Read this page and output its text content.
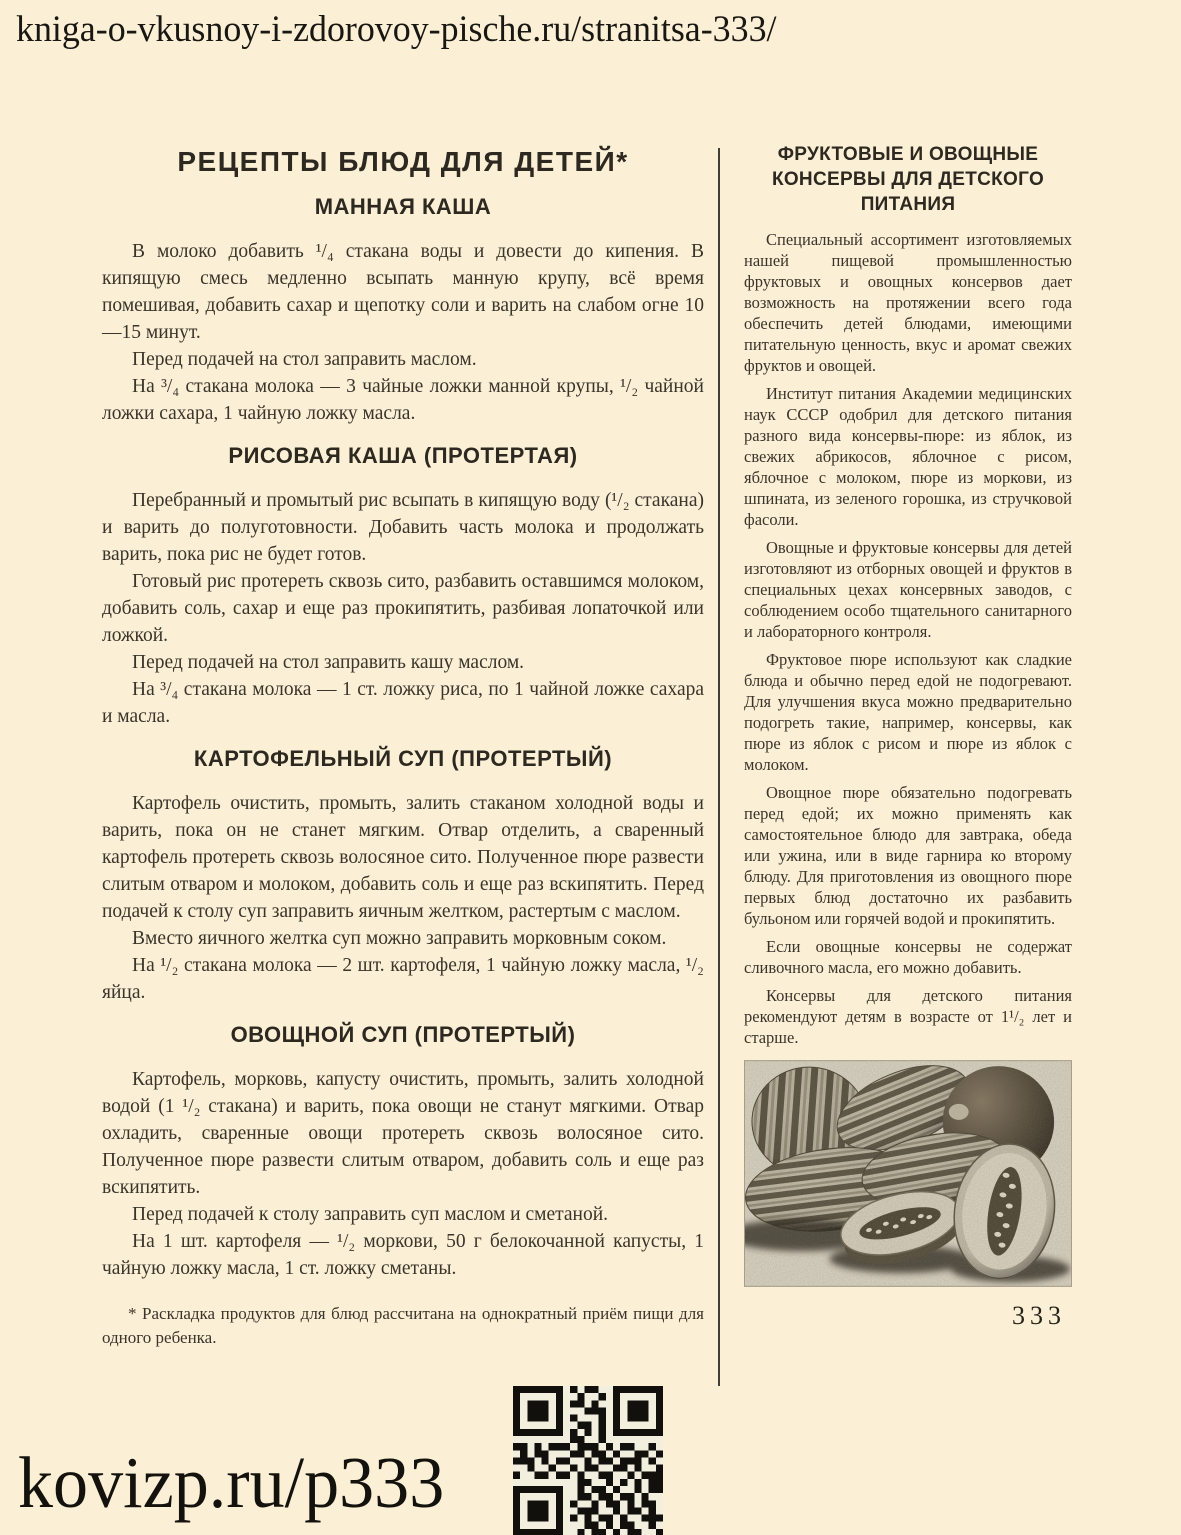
kniga-o-vkusnoy-i-zdorovoy-pische.ru/stranitsa-333/
РЕЦЕПТЫ БЛЮД ДЛЯ ДЕТЕЙ*
МАННАЯ КАША

В молоко добавить ¹/₄ стакана воды и довести до кипения. В кипящую смесь медленно всыпать манную крупу, всё время помешивая, добавить сахар и щепотку соли и варить на слабом огне 10—15 минут.

Перед подачей на стол заправить маслом.

На ³/₄ стакана молока — 3 чайные ложки манной крупы, ¹/₂ чайной ложки сахара, 1 чайную ложку масла.

РИСОВАЯ КАША (ПРОТЕРТАЯ)

Перебранный и промытый рис всыпать в кипящую воду (¹/₂ стакана) и варить до полуготовности. Добавить часть молока и продолжать варить, пока рис не будет готов.

Готовый рис протереть сквозь сито, разбавить оставшимся молоком, добавить соль, сахар и еще раз прокипятить, разбивая лопаточкой или ложкой.

Перед подачей на стол заправить кашу маслом.

На ³/₄ стакана молока — 1 ст. ложку риса, по 1 чайной ложке сахара и масла.

КАРТОФЕЛЬНЫЙ СУП (ПРОТЕРТЫЙ)

Картофель очистить, промыть, залить стаканом холодной воды и варить, пока он не станет мягким. Отвар отделить, а сваренный картофель протереть сквозь волосяное сито. Полученное пюре развести слитым отваром и молоком, добавить соль и еще раз вскипятить. Перед подачей к столу суп заправить яичным желтком, растертым с маслом.

Вместо яичного желтка суп можно заправить морковным соком.

На ¹/₂ стакана молока — 2 шт. картофеля, 1 чайную ложку масла, ¹/₂ яйца.

ОВОЩНОЙ СУП (ПРОТЕРТЫЙ)

Картофель, морковь, капусту очистить, промыть, залить холодной водой (1 ¹/₂ стакана) и варить, пока овощи не станут мягкими. Отвар охладить, сваренные овощи протереть сквозь волосяное сито. Полученное пюре развести слитым отваром, добавить соль и еще раз вскипятить.

Перед подачей к столу заправить суп маслом и сметаной.

На 1 шт. картофеля — ¹/₂ моркови, 50 г белокочанной капусты, 1 чайную ложку масла, 1 ст. ложку сметаны.

* Раскладка продуктов для блюд рассчитана на однократный приём пищи для одного ребенка.

ФРУКТОВЫЕ И ОВОЩНЫЕ КОНСЕРВЫ ДЛЯ ДЕТСКОГО ПИТАНИЯ

Специальный ассортимент изготовляемых нашей пищевой промышленностью фруктовых и овощных консервов дает возможность на протяжении всего года обеспечить детей блюдами, имеющими питательную ценность, вкус и аромат свежих фруктов и овощей.

Институт питания Академии медицинских наук СССР одобрил для детского питания разного вида консервы-пюре: из яблок, из свежих абрикосов, яблочное с рисом, яблочное с молоком, пюре из моркови, из шпината, из зеленого горошка, из стручковой фасоли.

Овощные и фруктовые консервы для детей изготовляют из отборных овощей и фруктов в специальных цехах консервных заводов, с соблюдением особо тщательного санитарного и лабораторного контроля.

Фруктовое пюре используют как сладкие блюда и обычно перед едой не подогревают. Для улучшения вкуса можно предварительно подогреть такие, например, консервы, как пюре из яблок с рисом и пюре из яблок с молоком.

Овощное пюре обязательно подогревать перед едой; их можно применять как самостоятельное блюдо для завтрака, обеда или ужина, или в виде гарнира ко второму блюду. Для приготовления из овощного пюре первых блюд достаточно их разбавить бульоном или горячей водой и прокипятить.

Если овощные консервы не содержат сливочного масла, его можно добавить.

Консервы для детского питания рекомендуют детям в возрасте от 1¹/₂ лет и старше.

333
kovizp.ru/p333
